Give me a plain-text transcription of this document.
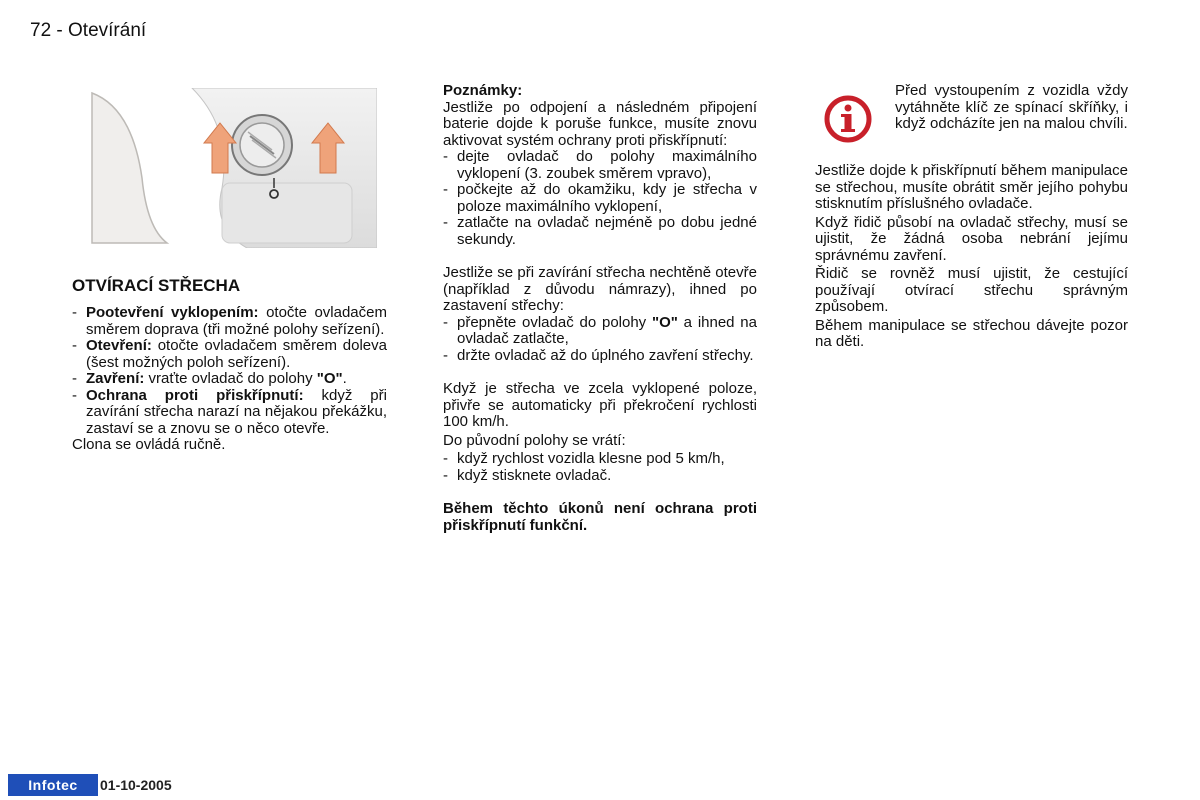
72 - Otevírání
OTVÍRACÍ STŘECHA
- Pootevření vyklopením: otočte ovladačem směrem doprava (tři možné polohy seřízení).
- Otevření: otočte ovladačem směrem doleva (šest možných poloh seřízení).
- Zavření: vraťte ovladač do polohy "O".
- Ochrana proti přiskřípnutí: když při zavírání střecha narazí na nějakou překážku, zastaví se a znovu se o něco otevře.

Clona se ovládá ručně.

Poznámky:

Jestliže po odpojení a následném připojení baterie dojde k poruše funkce, musíte znovu aktivovat systém ochrany proti přiskřípnutí:

- dejte ovladač do polohy maximálního vyklopení (3. zoubek směrem vpravo),
- počkejte až do okamžiku, kdy je střecha v poloze maximálního vyklopení,
- zatlačte na ovladač nejméně po dobu jedné sekundy.

Jestliže se při zavírání střecha nechtěně otevře (například z důvodu námrazy), ihned po zastavení střechy:

- přepněte ovladač do polohy "O" a ihned na ovladač zatlačte,
- držte ovladač až do úplného zavření střechy.

Když je střecha ve zcela vyklopené poloze, přivře se automaticky při překročení rychlosti 100 km/h.

Do původní polohy se vrátí:

- když rychlost vozidla klesne pod 5 km/h,
- když stisknete ovladač.

Během těchto úkonů není ochrana proti přiskřípnutí funkční.

Před vystoupením z vozidla vždy vytáhněte klíč ze spínací skříňky, i když odcházíte jen na malou chvíli.

Jestliže dojde k přiskřípnutí během manipulace se střechou, musíte obrátit směr jejího pohybu stisknutím příslušného ovladače.

Když řidič působí na ovladač střechy, musí se ujistit, že žádná osoba nebrání jejímu správnému zavření.

Řidič se rovněž musí ujistit, že cestující používají otvírací střechu správným způsobem.

Během manipulace se střechou dávejte pozor na děti.

Infotec	01-10-2005
